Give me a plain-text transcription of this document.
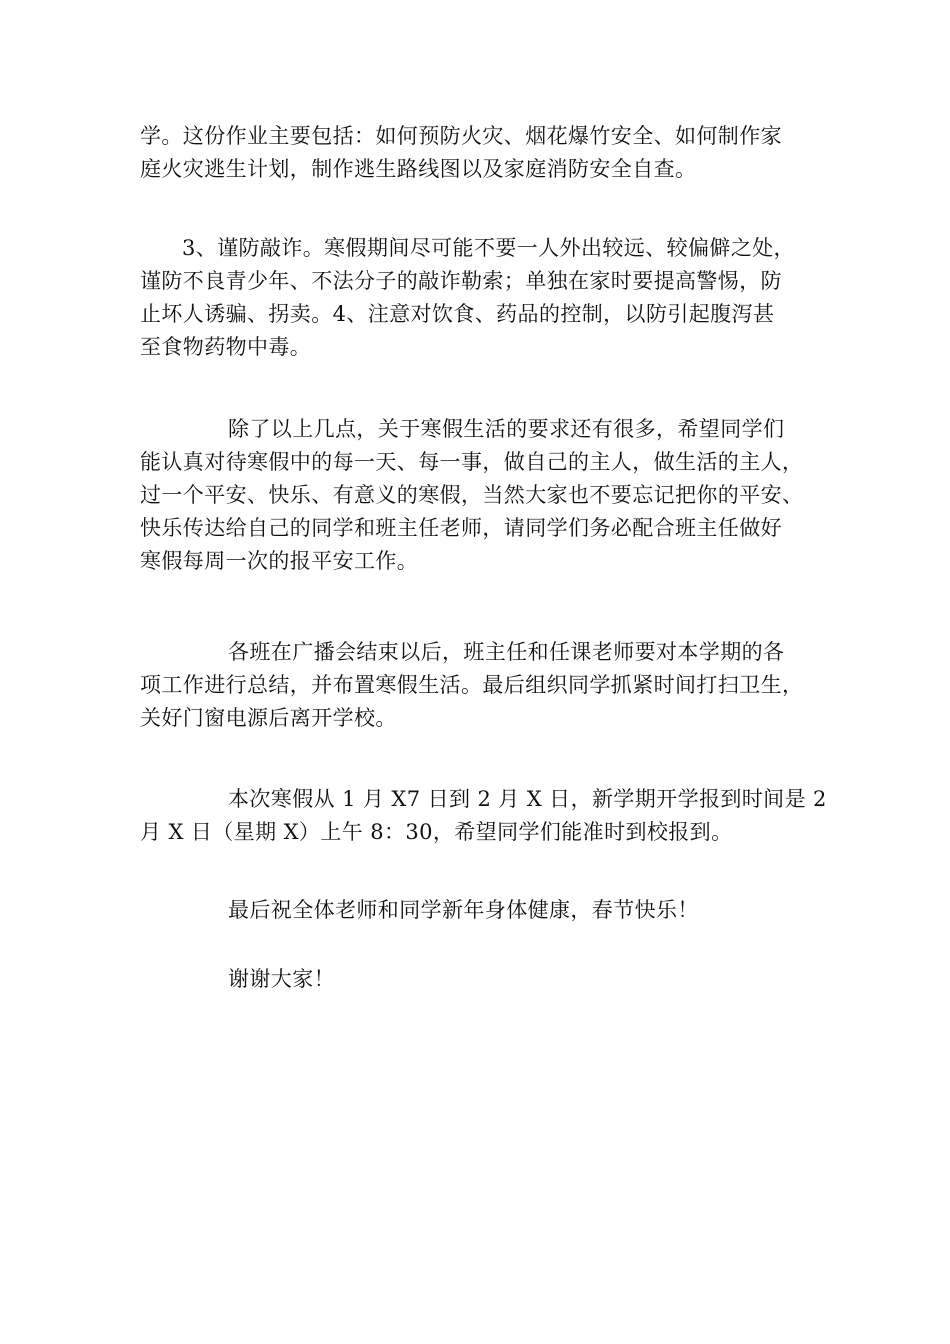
学。这份作业主要包括：如何预防火灾、烟花爆竹安全、如何制作家
庭火灾逃生计划，制作逃生路线图以及家庭消防安全自查。

3、谨防敲诈。寒假期间尽可能不要一人外出较远、较偏僻之处，
谨防不良青少年、不法分子的敲诈勒索；单独在家时要提高警惕，防
止坏人诱骗、拐卖。4、注意对饮食、药品的控制，以防引起腹泻甚
至食物药物中毒。

除了以上几点，关于寒假生活的要求还有很多，希望同学们
能认真对待寒假中的每一天、每一事，做自己的主人，做生活的主人，
过一个平安、快乐、有意义的寒假，当然大家也不要忘记把你的平安、
快乐传达给自己的同学和班主任老师，请同学们务必配合班主任做好
寒假每周一次的报平安工作。

各班在广播会结束以后，班主任和任课老师要对本学期的各
项工作进行总结，并布置寒假生活。最后组织同学抓紧时间打扫卫生，
关好门窗电源后离开学校。

本次寒假从 1 月 X7 日到 2 月 X 日，新学期开学报到时间是 2
月 X 日（星期 X）上午 8：30，希望同学们能准时到校报到。

最后祝全体老师和同学新年身体健康，春节快乐！

谢谢大家！
